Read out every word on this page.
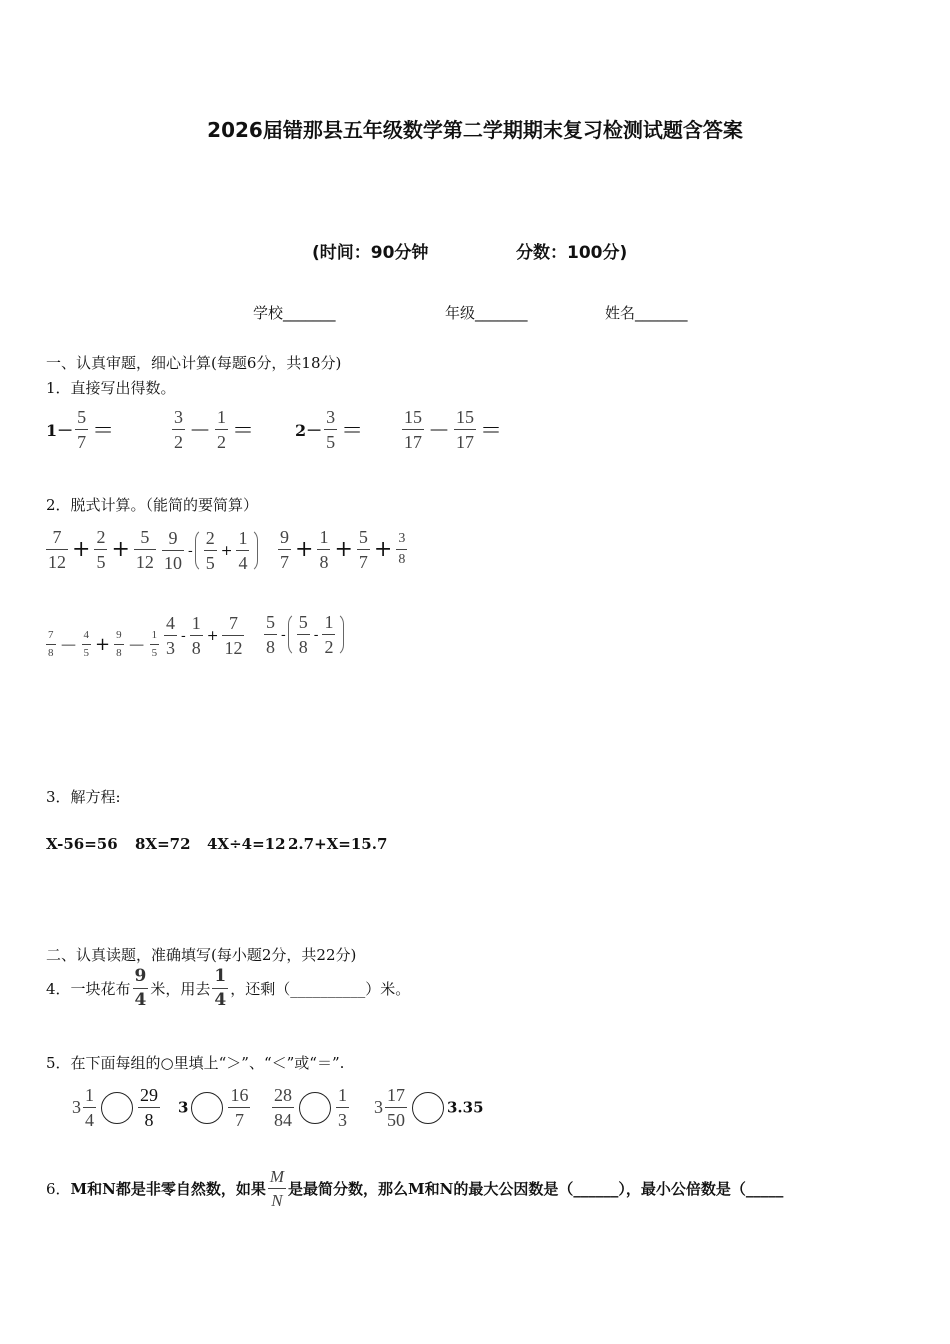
2026届错那县五年级数学第二学期期末复习检测试题含答案
(时间：90分钟	分数：100分)
学校_______	年级_______	姓名_______
一、认真审题，细心计算(每题6分，共18分)
1．直接写出得数。
$1- \frac{5}{7}$ ＝	$\frac{3}{2} - \frac{1}{2}$ ＝	$2- \frac{3}{5} = \frac{15}{17} - \frac{15}{17}$ ＝
2．脱式计算。（能简的要简算）
$\frac{7}{12} + \frac{2}{5} + \frac{5}{12} \frac{9}{10} - \frac{2}{5} + \frac{1}{4} \frac{9}{7} + \frac{1}{8} + \frac{5}{7} + \frac{3}{8}$
$\frac{7}{8} - \frac{4}{5} + \frac{9}{8} - \frac{1}{5} \frac{4}{3} - \frac{1}{8} + \frac{7}{12} \frac{5}{8} - \frac{5}{8} - \frac{1}{2}$
3．解方程:
X-56=56 8X=72 4X÷4=12 2.7+X=15.7
二、认真读题，准确填写(每小题2分，共22分)
4．一块花布 $\frac{9}{4}$ 米，用去 $\frac{1}{4}$ ，还剩（__________）米。
5．在下面每组的○里填上“＞”、“＜”或“＝”.
$3 \frac{1}{4} \frac{29}{8} 3 \frac{16}{7} \frac{28}{84} \frac{1}{3} 3 \frac{17}{50}$	3.35
6．M和N都是非零自然数，如果 $\frac{M}{N}$ 是最简分数，那么M和N的最大公因数是（______），最小公倍数是（_____
